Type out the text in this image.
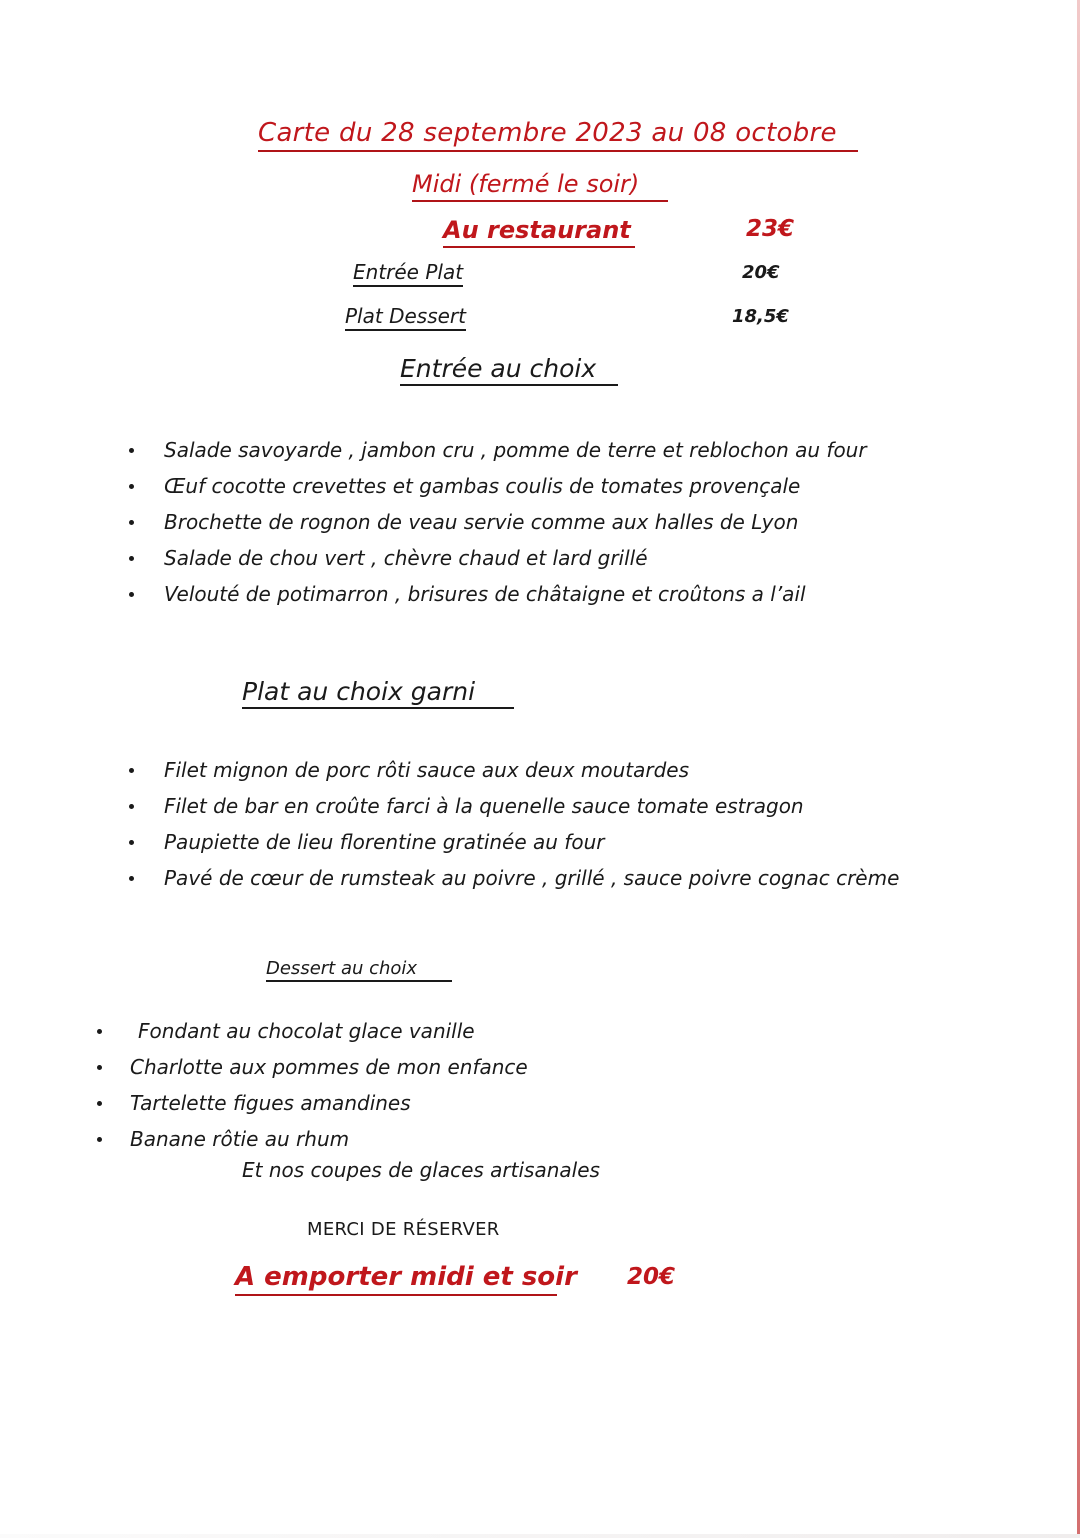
Carte du 28 septembre 2023 au 08 octobre
Midi (fermé le soir)
Au restaurant	23€
Entrée Plat	20€
Plat Dessert	18,5€
Entrée au choix
Salade savoyarde , jambon cru , pomme de terre et reblochon au four
Œuf cocotte crevettes et gambas coulis de tomates provençale
Brochette de rognon de veau servie comme aux halles de Lyon
Salade de chou vert , chèvre chaud et lard grillé
Velouté de potimarron , brisures de châtaigne et croûtons a l’ail
Plat au choix garni
Filet mignon de porc rôti sauce aux deux moutardes
Filet de bar en croûte farci à la quenelle sauce tomate estragon
Paupiette de lieu florentine gratinée au four
Pavé de cœur de rumsteak au poivre , grillé , sauce poivre cognac crème
Dessert au choix
Fondant au chocolat glace vanille
Charlotte aux pommes de mon enfance
Tartelette figues amandines
Banane rôtie au rhum
Et nos coupes de glaces artisanales
MERCI DE RÉSERVER
A emporter midi et soir 20€
